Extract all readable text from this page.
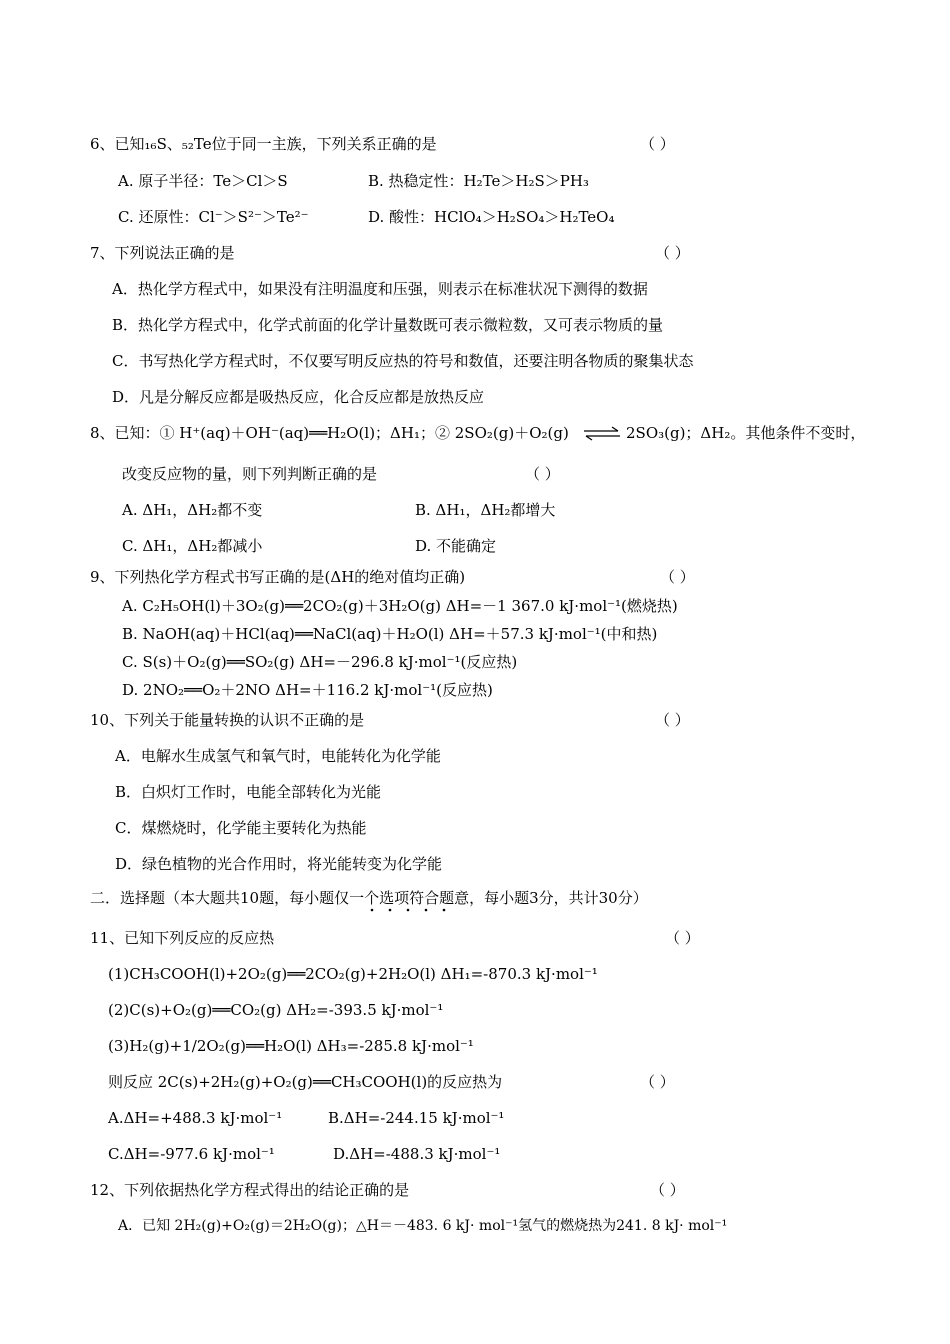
6、已知₁₆S、₅₂Te位于同一主族，下列关系正确的是	（ ）
A. 原子半径：Te＞Cl＞S	B. 热稳定性：H₂Te＞H₂S＞PH₃
C. 还原性：Cl⁻＞S²⁻＞Te²⁻	D. 酸性：HClO₄＞H₂SO₄＞H₂TeO₄
7、下列说法正确的是	（ ）
A．热化学方程式中，如果没有注明温度和压强，则表示在标准状况下测得的数据
B．热化学方程式中，化学式前面的化学计量数既可表示微粒数，又可表示物质的量
C．书写热化学方程式时，不仅要写明反应热的符号和数值，还要注明各物质的聚集状态
D．凡是分解反应都是吸热反应，化合反应都是放热反应
8、已知：① H⁺(aq)＋OH⁻(aq)══H₂O(l)；ΔH₁；② 2SO₂(g)＋O₂(g) ⇌ 2SO₃(g)；ΔH₂。其他条件不变时，
改变反应物的量，则下列判断正确的是	（ ）
A. ΔH₁，ΔH₂都不变	B. ΔH₁，ΔH₂都增大
C. ΔH₁，ΔH₂都减小	D. 不能确定
9、下列热化学方程式书写正确的是(ΔH的绝对值均正确)	（ ）
A. C₂H₅OH(l)＋3O₂(g)══2CO₂(g)＋3H₂O(g) ΔH=－1 367.0 kJ·mol⁻¹(燃烧热)
B. NaOH(aq)＋HCl(aq)══NaCl(aq)＋H₂O(l) ΔH=＋57.3 kJ·mol⁻¹(中和热)
C. S(s)＋O₂(g)══SO₂(g) ΔH=－296.8 kJ·mol⁻¹(反应热)
D. 2NO₂══O₂＋2NO ΔH=＋116.2 kJ·mol⁻¹(反应热)
10、下列关于能量转换的认识不正确的是	（ ）
A．电解水生成氢气和氧气时，电能转化为化学能
B．白炽灯工作时，电能全部转化为光能
C．煤燃烧时，化学能主要转化为热能
D．绿色植物的光合作用时，将光能转变为化学能
二．选择题（本大题共10题，每小题仅一个选项符合题意，每小题3分，共计30分）
11、已知下列反应的反应热	（ ）
(1)CH₃COOH(l)+2O₂(g)══2CO₂(g)+2H₂O(l) ΔH₁=-870.3 kJ·mol⁻¹
(2)C(s)+O₂(g)══CO₂(g) ΔH₂=-393.5 kJ·mol⁻¹
(3)H₂(g)+1/2O₂(g)══H₂O(l) ΔH₃=-285.8 kJ·mol⁻¹
则反应 2C(s)+2H₂(g)+O₂(g)══CH₃COOH(l)的反应热为	（ ）
A.ΔH=+488.3 kJ·mol⁻¹	B.ΔH=-244.15 kJ·mol⁻¹
C.ΔH=-977.6 kJ·mol⁻¹	D.ΔH=-488.3 kJ·mol⁻¹
12、下列依据热化学方程式得出的结论正确的是	（ ）
A．已知 2H₂(g)+O₂(g)＝2H₂O(g)；△H＝－483. 6 kJ· mol⁻¹氢气的燃烧热为241. 8 kJ· mol⁻¹
